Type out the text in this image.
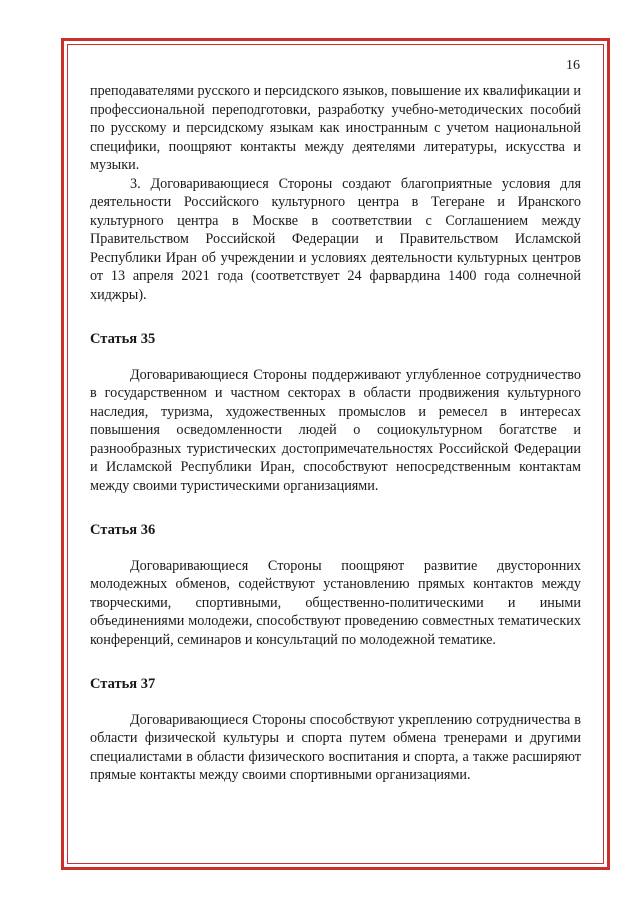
16

преподавателями русского и персидского языков, повышение их квалификации и профессиональной переподготовки, разработку учебно-методических пособий по русскому и персидскому языкам как иностранным с учетом национальной специфики, поощряют контакты между деятелями литературы, искусства и музыки.

3. Договаривающиеся Стороны создают благоприятные условия для деятельности Российского культурного центра в Тегеране и Иранского культурного центра в Москве в соответствии с Соглашением между Правительством Российской Федерации и Правительством Исламской Республики Иран об учреждении и условиях деятельности культурных центров от 13 апреля 2021 года (соответствует 24 фарвардина 1400 года солнечной хиджры).

Статья 35

Договаривающиеся Стороны поддерживают углубленное сотрудничество в государственном и частном секторах в области продвижения культурного наследия, туризма, художественных промыслов и ремесел в интересах повышения осведомленности людей о социокультурном богатстве и разнообразных туристических достопримечательностях Российской Федерации и Исламской Республики Иран, способствуют непосредственным контактам между своими туристическими организациями.

Статья 36

Договаривающиеся Стороны поощряют развитие двусторонних молодежных обменов, содействуют установлению прямых контактов между творческими, спортивными, общественно-политическими и иными объединениями молодежи, способствуют проведению совместных тематических конференций, семинаров и консультаций по молодежной тематике.

Статья 37

Договаривающиеся Стороны способствуют укреплению сотрудничества в области физической культуры и спорта путем обмена тренерами и другими специалистами в области физического воспитания и спорта, а также расширяют прямые контакты между своими спортивными организациями.
